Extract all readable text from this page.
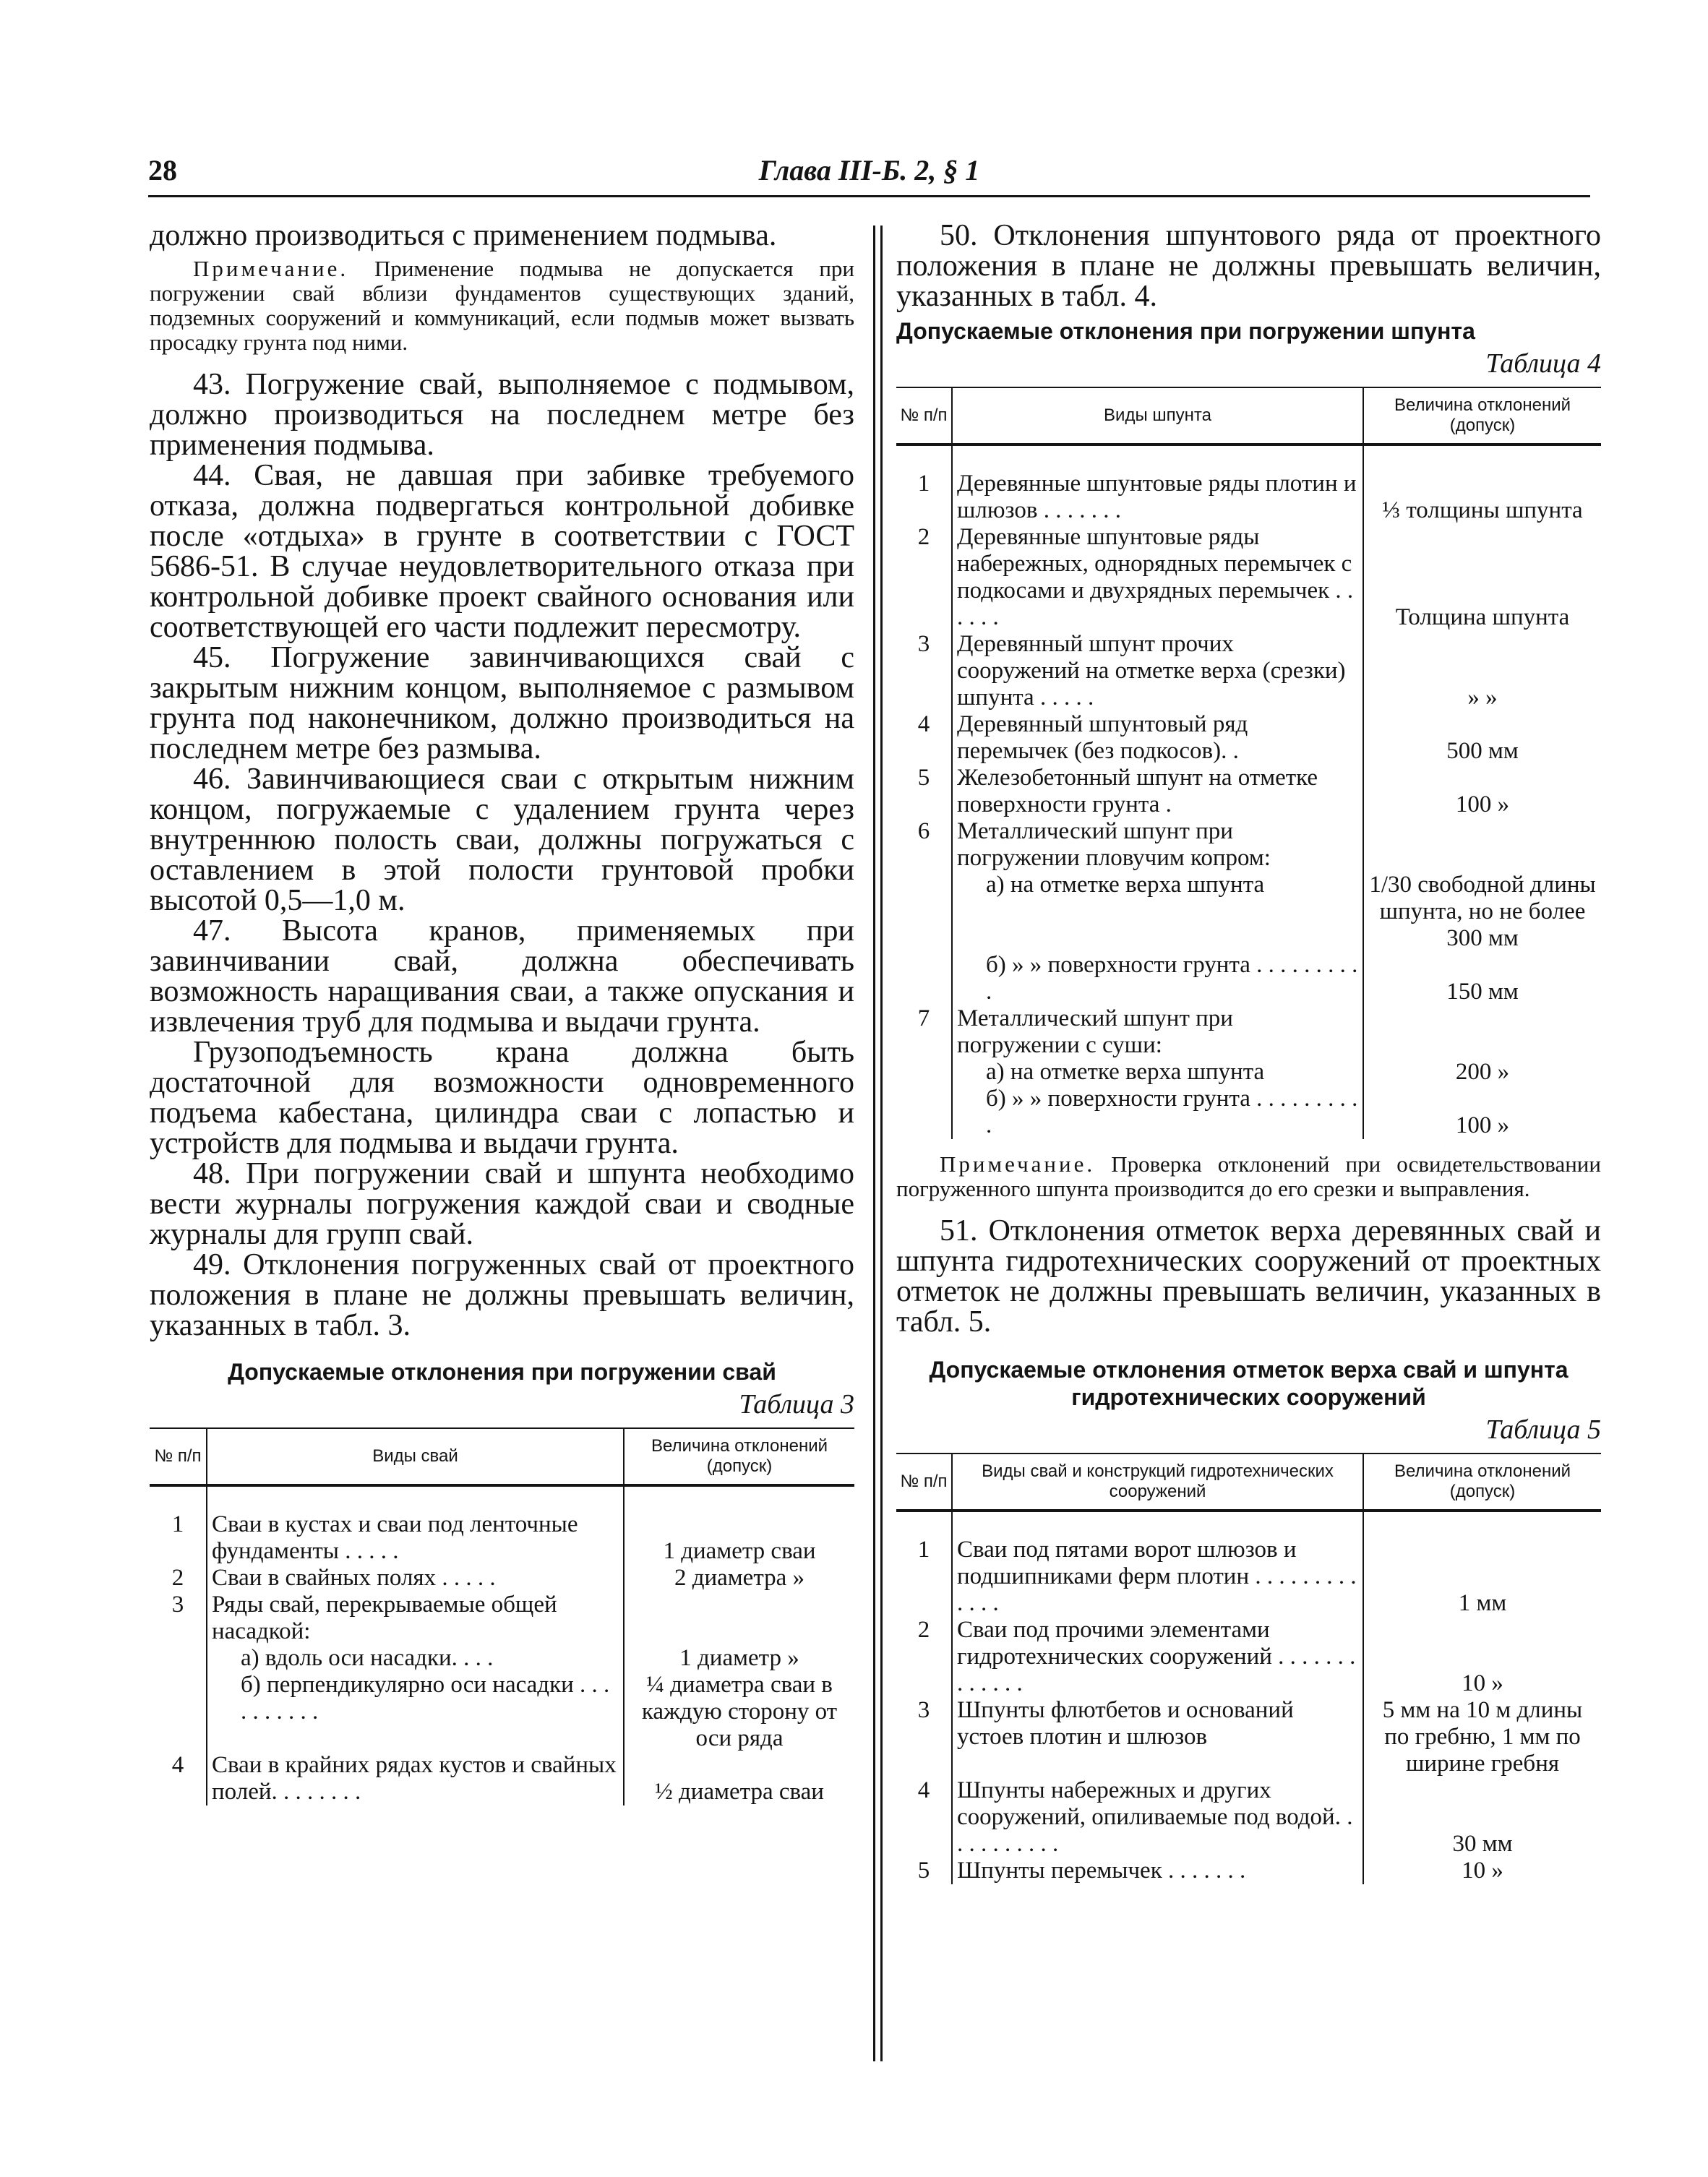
28	Глава III-Б. 2, § 1

должно производиться с применением подмыва.

Примечание. Применение подмыва не допускается при погружении свай вблизи фундаментов существующих зданий, подземных сооружений и коммуникаций, если подмыв может вызвать просадку грунта под ними.

43. Погружение свай, выполняемое с подмывом, должно производиться на последнем метре без применения подмыва.

44. Свая, не давшая при забивке требуемого отказа, должна подвергаться контрольной добивке после «отдыха» в грунте в соответствии с ГОСТ 5686-51. В случае неудовлетворительного отказа при контрольной добивке проект свайного основания или соответствующей его части подлежит пересмотру.

45. Погружение завинчивающихся свай с закрытым нижним концом, выполняемое с размывом грунта под наконечником, должно производиться на последнем метре без размыва.

46. Завинчивающиеся сваи с открытым нижним концом, погружаемые с удалением грунта через внутреннюю полость сваи, должны погружаться с оставлением в этой полости грунтовой пробки высотой 0,5—1,0 м.

47. Высота кранов, применяемых при завинчивании свай, должна обеспечивать возможность наращивания сваи, а также опускания и извлечения труб для подмыва и выдачи грунта.

Грузоподъемность крана должна быть достаточной для возможности одновременного подъема кабестана, цилиндра сваи с лопастью и устройств для подмыва и выдачи грунта.

48. При погружении свай и шпунта необходимо вести журналы погружения каждой сваи и сводные журналы для групп свай.

49. Отклонения погруженных свай от проектного положения в плане не должны превышать величин, указанных в табл. 3.

Допускаемые отклонения при погружении свай
Таблица 3
№ п/п	Виды свай	Величина отклонений (допуск)

1	Сваи в кустах и сваи под ленточные фундаменты . . . . .	1 диаметр сваи
2	Сваи в свайных полях . . . . .	2 диаметра »
3	Ряды свай, перекрываемые общей насадкой:	

	а) вдоль оси насадки. . . .	1 диаметр »

	б) перпендикулярно оси насадки . . . . . . . . . .	¼ диаметра сваи в каждую сторону от оси ряда
4	Сваи в крайних рядах кустов и свайных полей. . . . . . . .	½ диаметра сваи

50. Отклонения шпунтового ряда от проектного положения в плане не должны превышать величин, указанных в табл. 4.

Допускаемые отклонения при погружении шпунта
Таблица 4
№ п/п	Виды шпунта	Величина отклонений (допуск)

1	Деревянные шпунтовые ряды плотин и шлюзов . . . . . . .	⅓ толщины шпунта
2	Деревянные шпунтовые ряды набережных, однорядных перемычек с подкосами и двухрядных перемычек . . . . . .	Толщина шпунта
3	Деревянный шпунт прочих сооружений на отметке верха (срезки) шпунта . . . . .	» »
4	Деревянный шпунтовый ряд перемычек (без подкосов). .	500 мм
5	Железобетонный шпунт на отметке поверхности грунта .	100 »
6	Металлический шпунт при погружении пловучим копром:	

	а) на отметке верха шпунта	1/30 свободной длины шпунта, но не более 300 мм

	б) » » поверхности грунта . . . . . . . . . .	150 мм
7	Металлический шпунт при погружении с суши:	

	а) на отметке верха шпунта	200 »

	б) » » поверхности грунта . . . . . . . . . .	100 »

Примечание. Проверка отклонений при освидетельствовании погруженного шпунта производится до его срезки и выправления.

51. Отклонения отметок верха деревянных свай и шпунта гидротехнических сооружений от проектных отметок не должны превышать величин, указанных в табл. 5.

Допускаемые отклонения отметок верха свай и шпунта гидротехнических сооружений
Таблица 5
№ п/п	Виды свай и конструкций гидротехнических сооружений	Величина отклонений (допуск)

1	Сваи под пятами ворот шлюзов и подшипниками ферм плотин . . . . . . . . . . . . .	1 мм
2	Сваи под прочими элементами гидротехнических сооружений . . . . . . . . . . . . .	10 »
3	Шпунты флютбетов и оснований устоев плотин и шлюзов	5 мм на 10 м длины по гребню, 1 мм по ширине гребня
4	Шпунты набережных и других сооружений, опиливаемые под водой. . . . . . . . . . .	30 мм
5	Шпунты перемычек . . . . . . .	10 »
